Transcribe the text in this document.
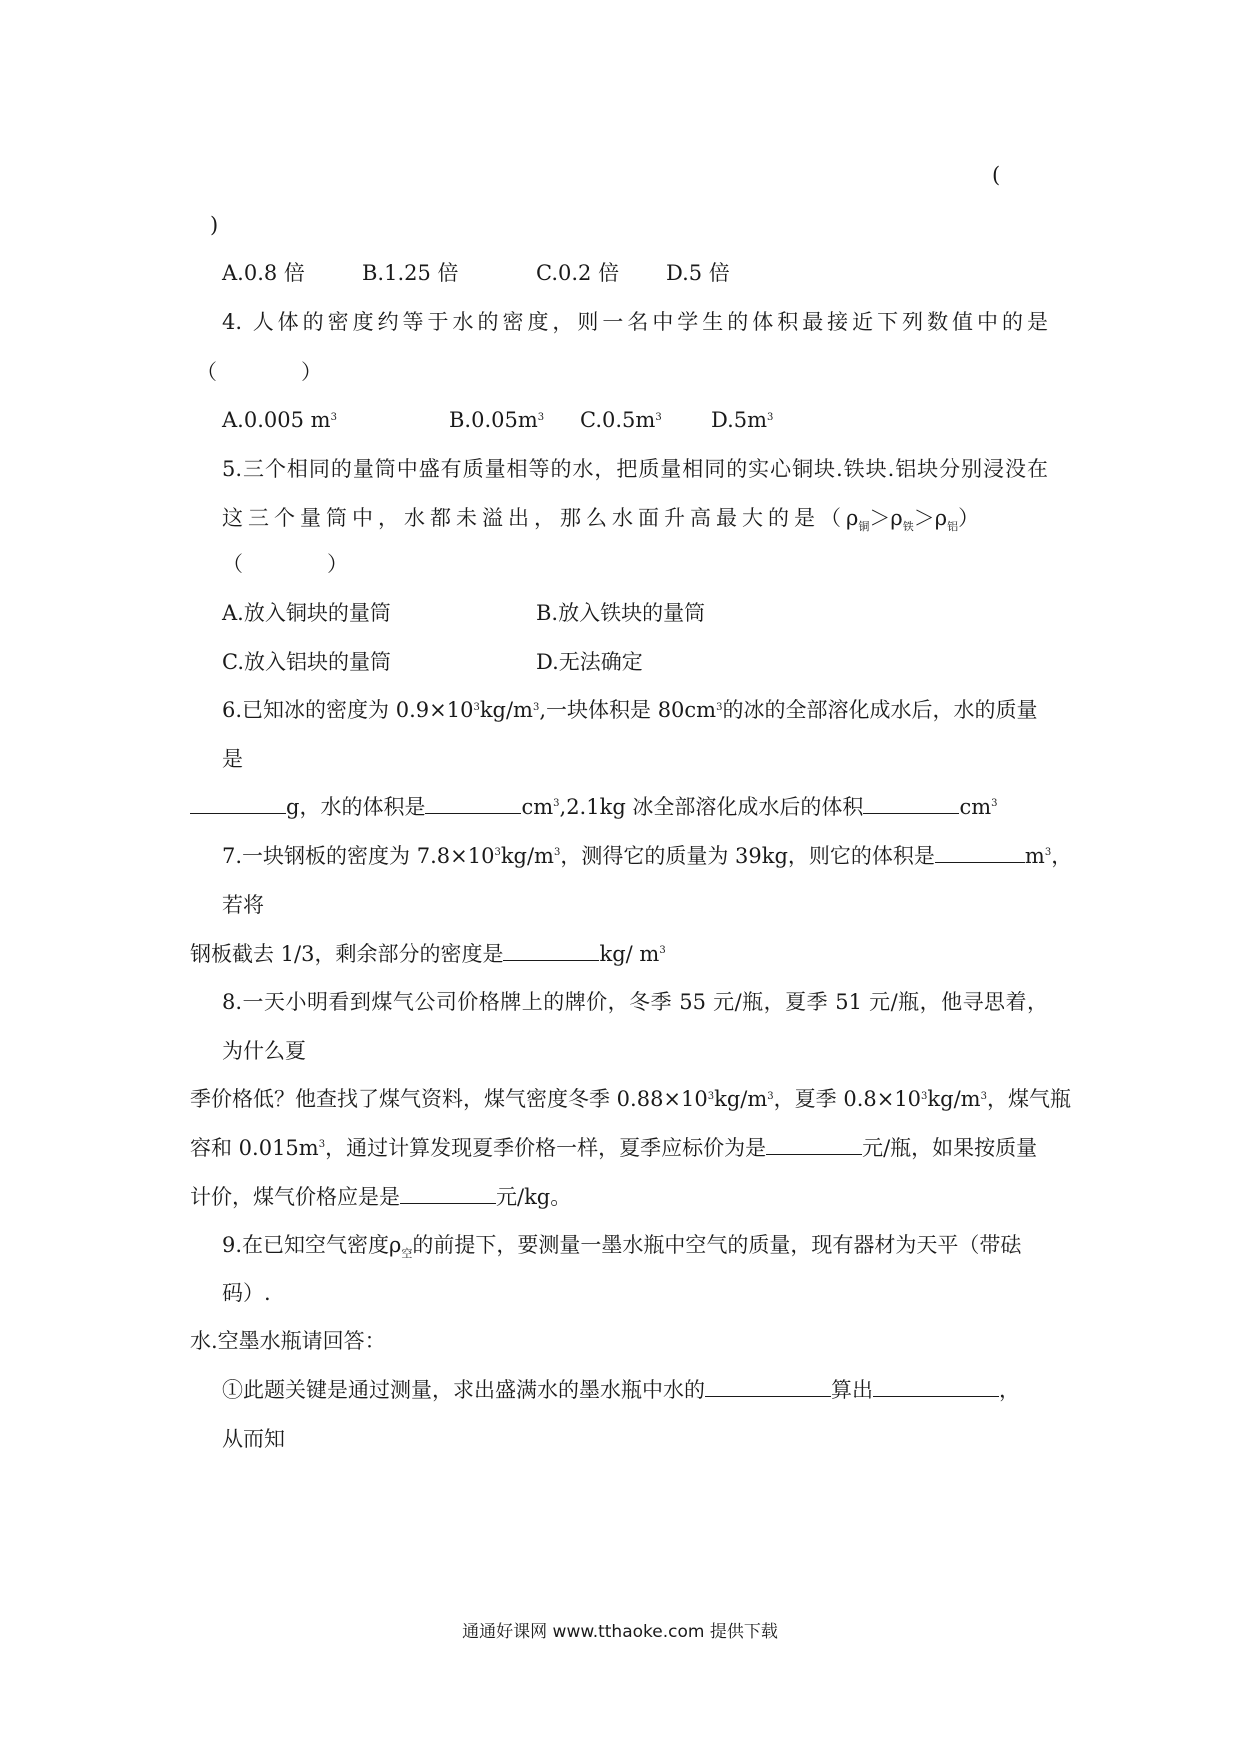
(
)
A.0.8 倍	B.1.25 倍	C.0.2 倍 D.5 倍
4. 人体的密度约等于水的密度，则一名中学生的体积最接近下列数值中的是
（　　　　）
A.0.005 $m^3$	$B.0.05m^3$ $C.0.5m^3$ $D.5m^3$
5.三个相同的量筒中盛有质量相等的水，把质量相同的实心铜块.铁块.铝块分别浸没在
这三个量筒中，水都未溢出，那么水面升高最大的是$(\rho_铜>\rho_铁>\rho_铝)$
（　　　　）
A.放入铜块的量筒	B.放入铁块的量筒
C.放入铝块的量筒	D.无法确定
6.已知冰的密度为 $0.9\times 10^3kg/m^3$,一块体积是 $80cm^3$的冰的全部溶化成水后，水的质量
是
g，水的体积是	$cm^3,2.1kg$ 冰全部溶化成水后的体积	$cm^3$
7.一块钢板的密度为 $7.8\times 10^3kg/m^3$，测得它的质量为 39kg，则它的体积是	$m^3$，
若将
钢板截去 1/3，剩余部分的密度是	kg/ $m^3$
8.一天小明看到煤气公司价格牌上的牌价，冬季 55 元/瓶，夏季 51 元/瓶，他寻思着，
为什么夏
季价格低？他查找了煤气资料，煤气密度冬季 $0.88\times 10^3kg/m^3$，夏季 $0.8\times 10^3kg/m^3$，煤气瓶
容和 $0.015m^3$，通过计算发现夏季价格一样，夏季应标价为是	元/瓶，如果按质量
计价，煤气价格应是是	元/kg。
9.在已知空气密度$\rho_空$的前提下，要测量一墨水瓶中空气的质量，现有器材为天平（带砝
码）.
水.空墨水瓶请回答：
①此题关键是通过测量，求出盛满水的墨水瓶中水的	算出	，
从而知
通通好课网 www.tthaoke.com 提供下载
